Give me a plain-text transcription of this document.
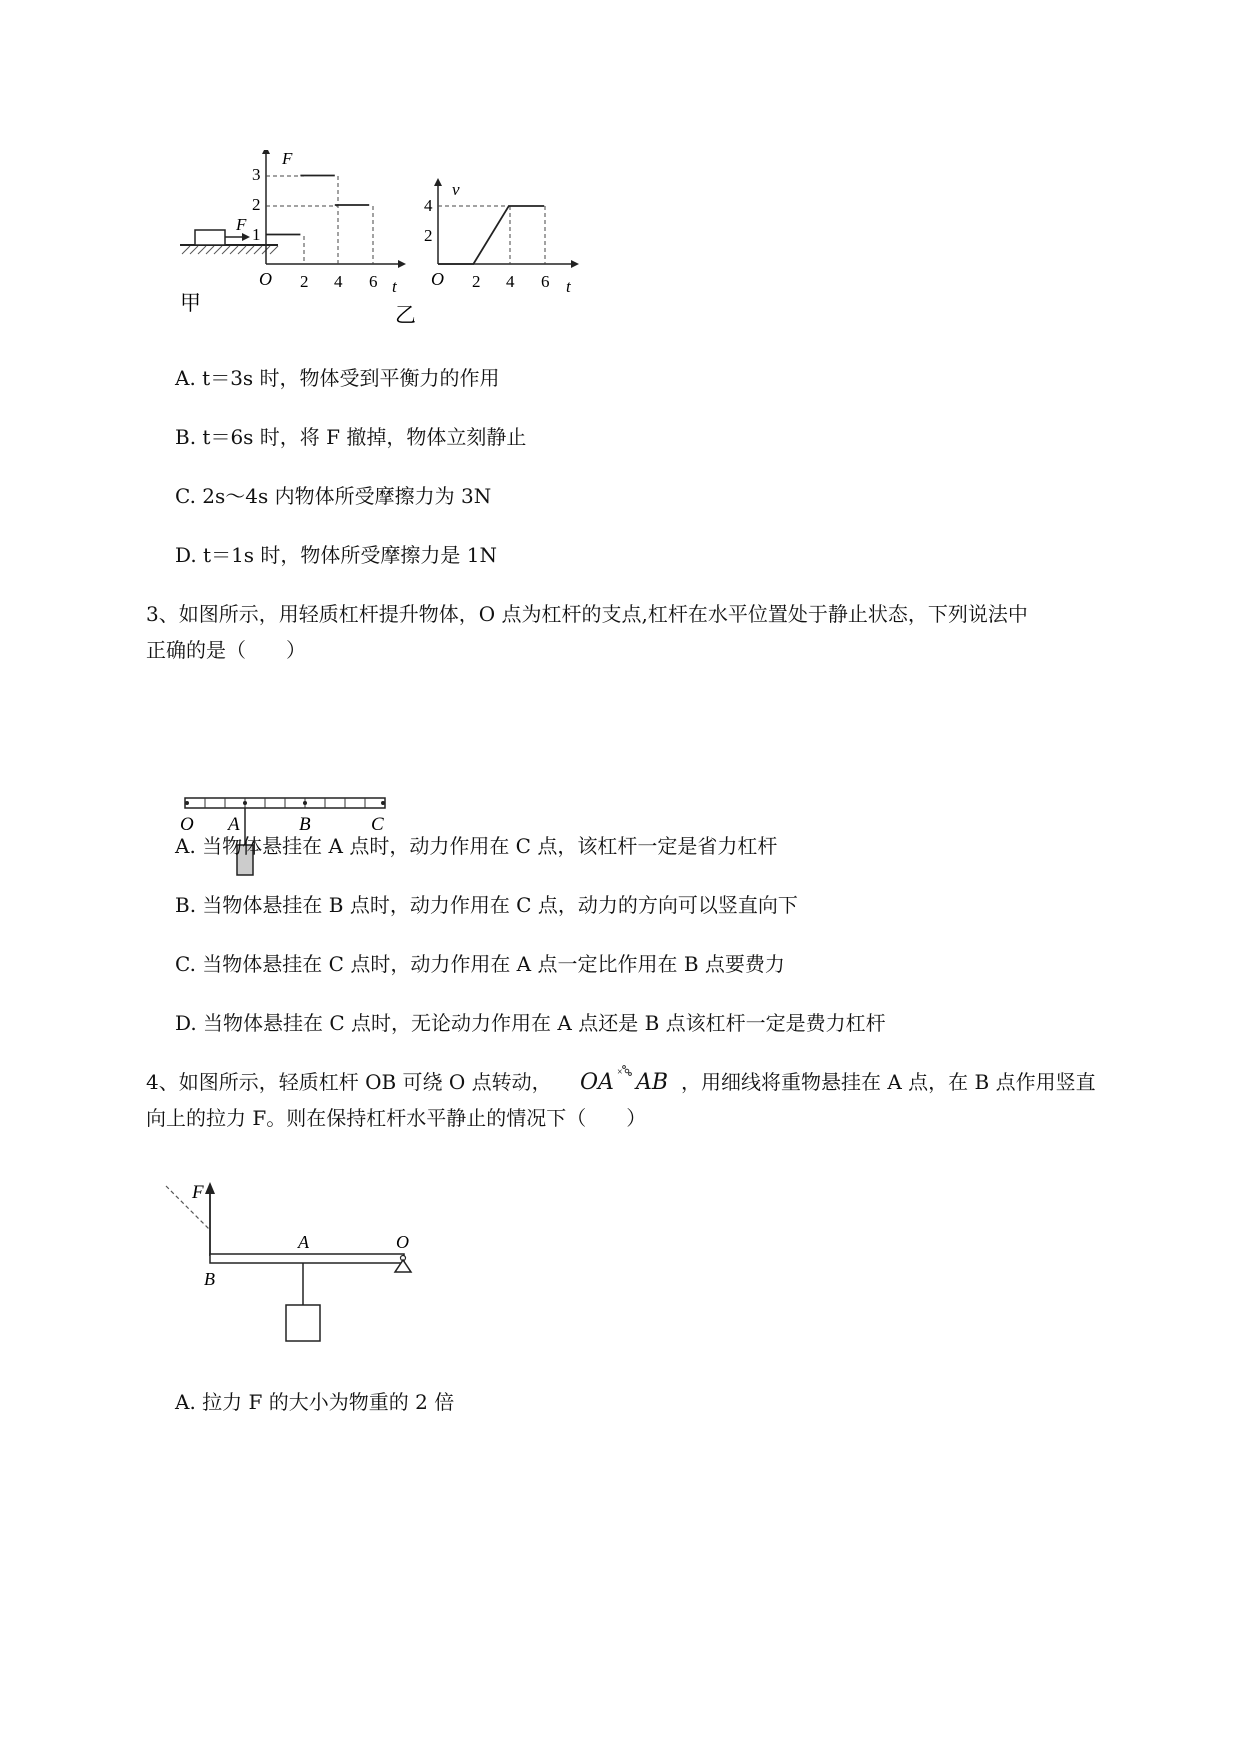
F
甲
F
O	t
2 4 6
1
2
3
乙
v
O	t
2 4 6
2
4
A. t＝3s 时，物体受到平衡力的作用
B. t＝6s 时，将 F 撤掉，物体立刻静止
C. 2s～4s 内物体所受摩擦力为 3N
D. t＝1s 时，物体所受摩擦力是 1N
3、如图所示，用轻质杠杆提升物体，O 点为杠杆的支点,杠杆在水平位置处于静止状态，下列说法中
正确的是（　　）
O A	B	C
A. 当物体悬挂在 A 点时，动力作用在 C 点，该杠杆一定是省力杠杆
B. 当物体悬挂在 B 点时，动力作用在 C 点，动力的方向可以竖直向下
C. 当物体悬挂在 C 点时，动力作用在 A 点一定比作用在 B 点要费力
D. 当物体悬挂在 C 点时，无论动力作用在 A 点还是 B 点该杠杆一定是费力杠杆
4、如图所示，轻质杠杆 OB 可绕 O 点转动， OA × AB ，用细线将重物悬挂在 A 点，在 B 点作用竖直
向上的拉力 F。则在保持杠杆水平静止的情况下（　　）
F
A	O
B
A. 拉力 F 的大小为物重的 2 倍
